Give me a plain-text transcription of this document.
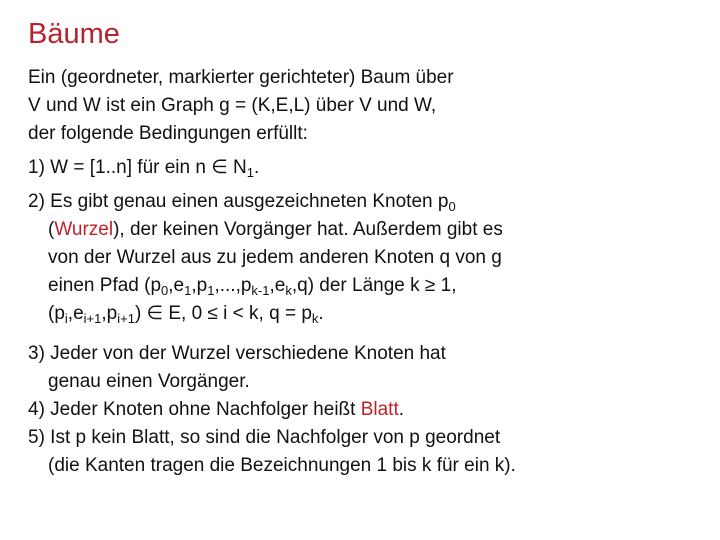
Bäume
Ein (geordneter, markierter gerichteter) Baum über
V und W ist ein Graph g = (K,E,L) über V und W,
der folgende Bedingungen erfüllt:
1) W = [1..n] für ein n ∈ $N_1$.
2) Es gibt genau einen ausgezeichneten Knoten $p_0$
(Wurzel), der keinen Vorgänger hat. Außerdem gibt es
von der Wurzel aus zu jedem anderen Knoten q von g
einen Pfad $(p_0,e_1,p_1,...,p_{k-1},e_k,q)$ der Länge k ≥ 1,
$(p_i,e_{i+1},p_{i+1})$ ∈ E, 0 ≤ i < k, $q = p_k$.
3) Jeder von der Wurzel verschiedene Knoten hat
genau einen Vorgänger.
4) Jeder Knoten ohne Nachfolger heißt Blatt.
5) Ist p kein Blatt, so sind die Nachfolger von p geordnet
(die Kanten tragen die Bezeichnungen 1 bis k für ein k).
